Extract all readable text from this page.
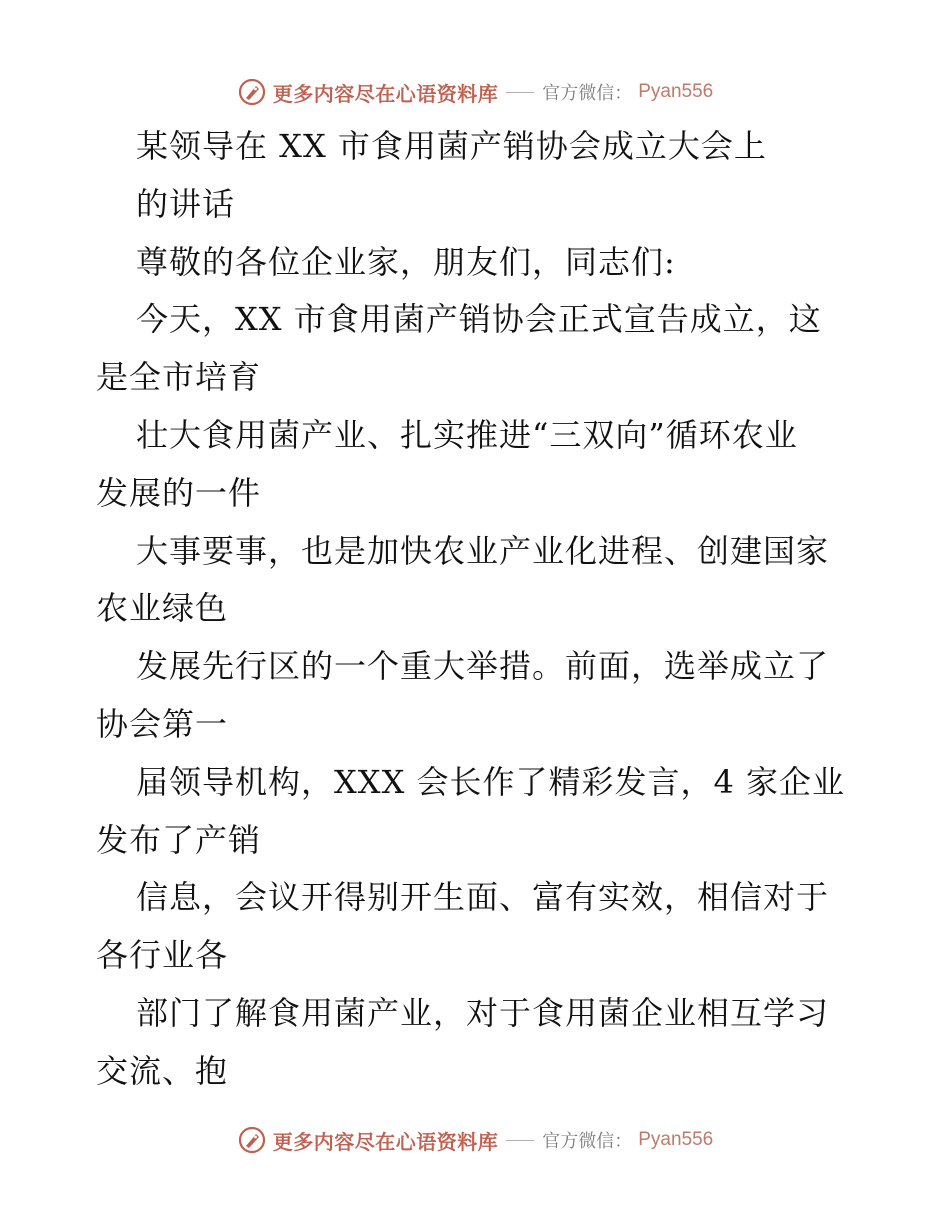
更多内容尽在心语资料库 官方微信： Pyan556
某领导在 XX 市食用菌产销协会成立大会上
的讲话
尊敬的各位企业家，朋友们，同志们:
今天，XX 市食用菌产销协会正式宣告成立，这
是全市培育
壮大食用菌产业、扎实推进“三双向”循环农业
发展的一件
大事要事，也是加快农业产业化进程、创建国家
农业绿色
发展先行区的一个重大举措。前面，选举成立了
协会第一
届领导机构，XXX 会长作了精彩发言，4 家企业
发布了产销
信息，会议开得别开生面、富有实效，相信对于
各行业各
部门了解食用菌产业，对于食用菌企业相互学习
交流、抱
更多内容尽在心语资料库 官方微信： Pyan556
